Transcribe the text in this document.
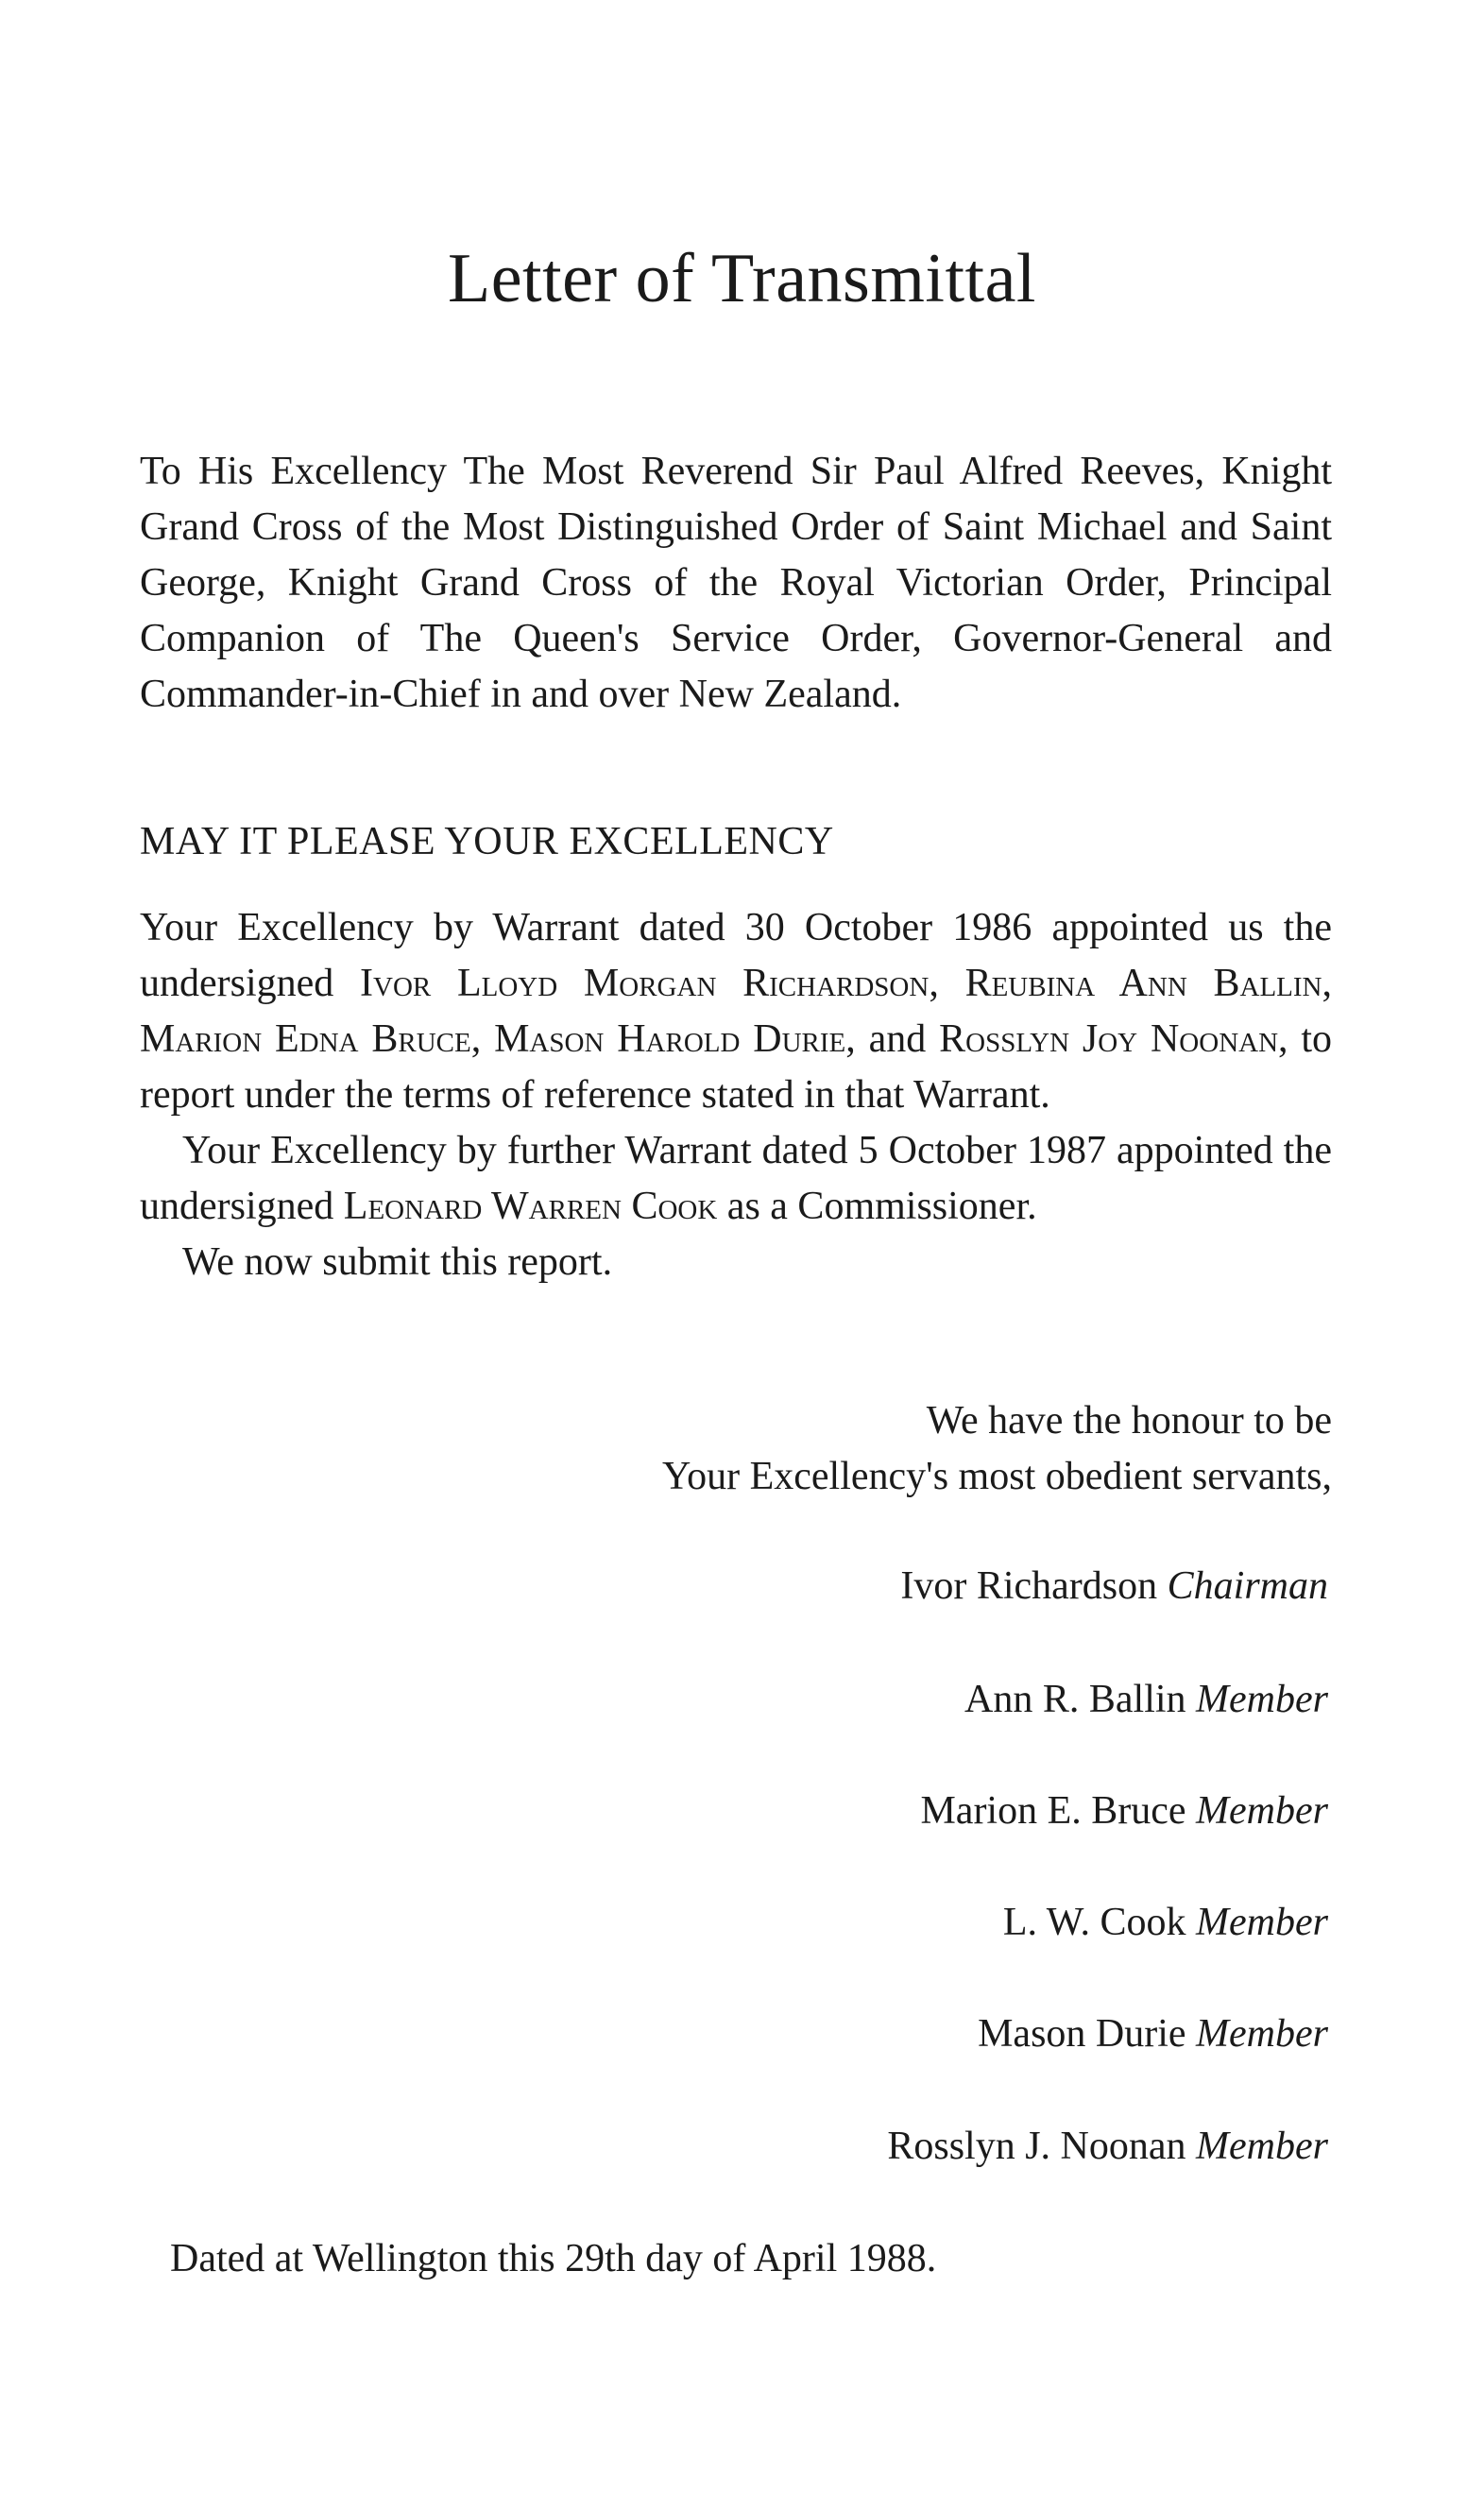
Letter of Transmittal

To His Excellency The Most Reverend Sir Paul Alfred Reeves, Knight Grand Cross of the Most Distinguished Order of Saint Michael and Saint George, Knight Grand Cross of the Royal Victorian Order, Principal Companion of The Queen's Service Order, Governor-General and Commander-in-Chief in and over New Zealand.

MAY IT PLEASE YOUR EXCELLENCY

Your Excellency by Warrant dated 30 October 1986 appointed us the undersigned Ivor Lloyd Morgan Richardson, Reubina Ann Ballin, Marion Edna Bruce, Mason Harold Durie, and Rosslyn Joy Noonan, to report under the terms of reference stated in that Warrant.

Your Excellency by further Warrant dated 5 October 1987 appointed the undersigned Leonard Warren Cook as a Commissioner.

We now submit this report.

We have the honour to be
Your Excellency's most obedient servants,
Ivor Richardson Chairman
Ann R. Ballin Member
Marion E. Bruce Member
L. W. Cook Member
Mason Durie Member
Rosslyn J. Noonan Member

Dated at Wellington this 29th day of April 1988.
